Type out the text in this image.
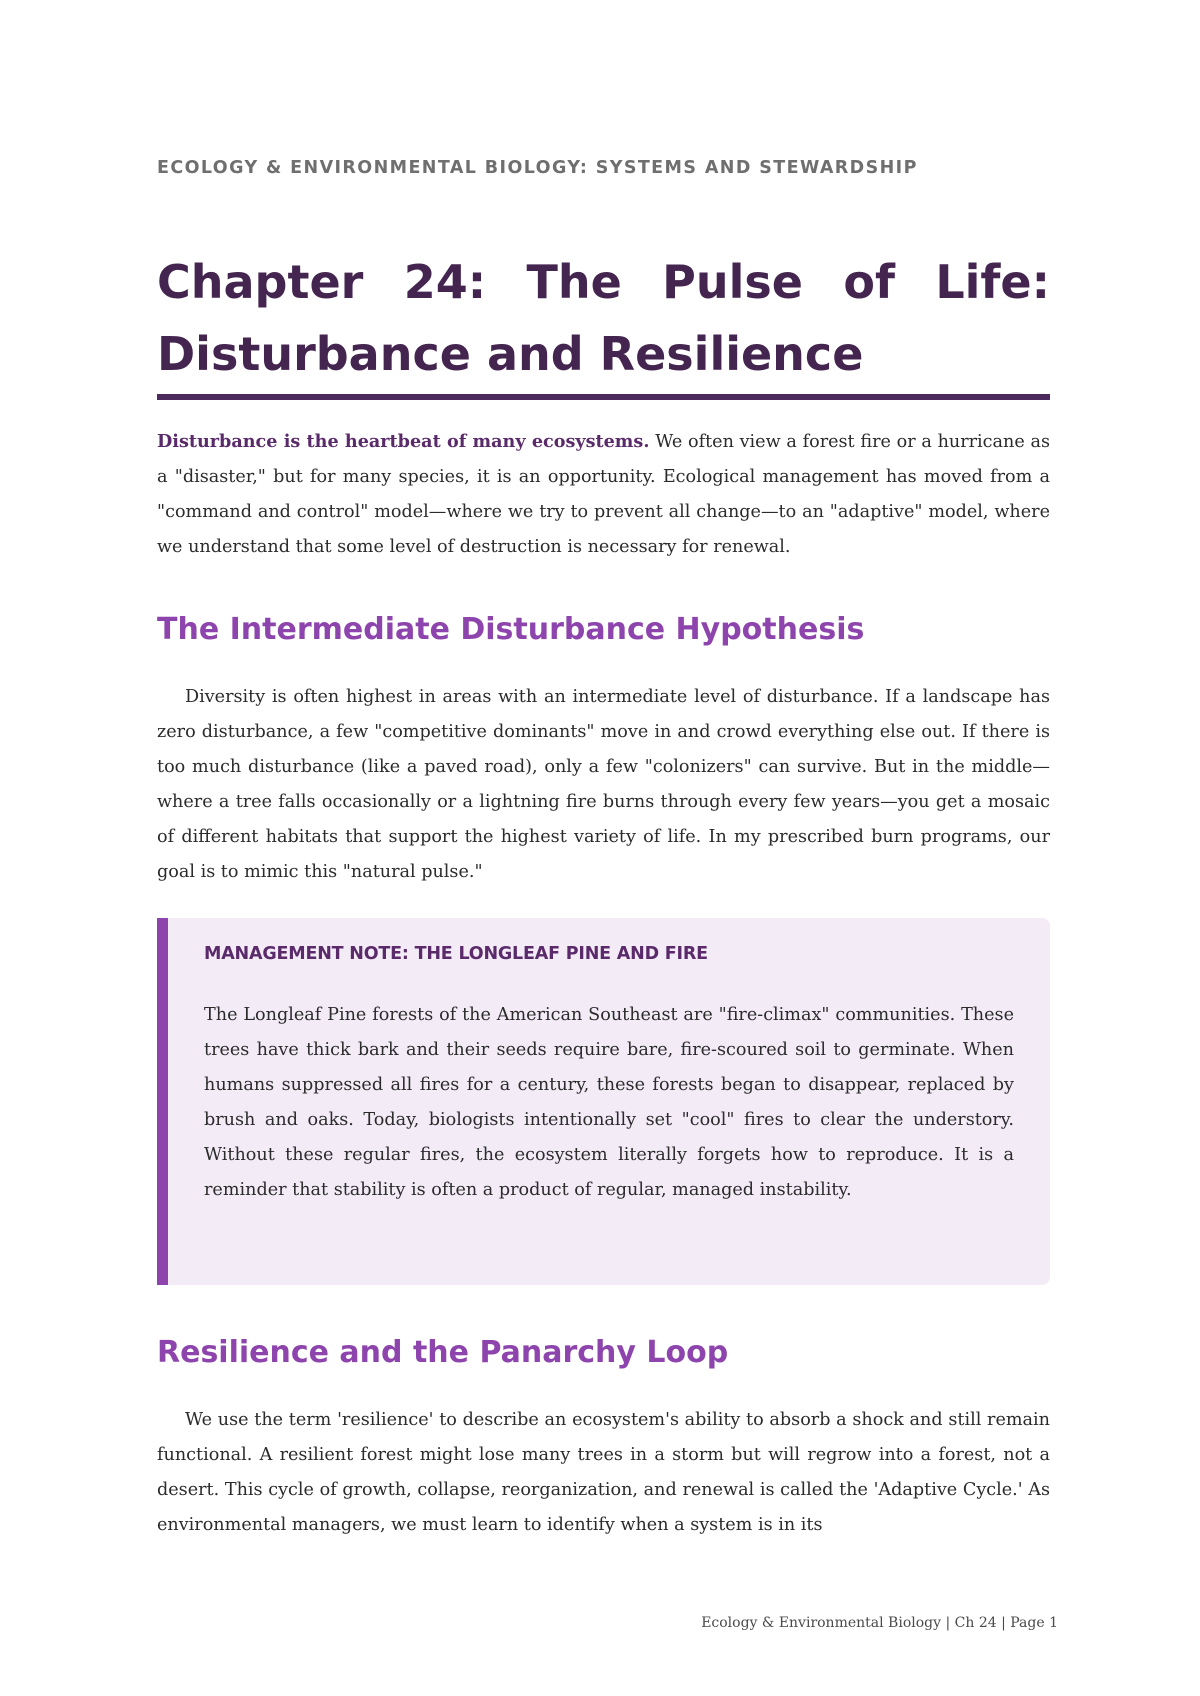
ECOLOGY & ENVIRONMENTAL BIOLOGY: SYSTEMS AND STEWARDSHIP
Chapter 24: The Pulse of Life: Disturbance and Resilience

Disturbance is the heartbeat of many ecosystems. We often view a forest fire or a hurricane as a "disaster," but for many species, it is an opportunity. Ecological management has moved from a "command and control" model—where we try to prevent all change—to an "adaptive" model, where we understand that some level of destruction is necessary for renewal.

The Intermediate Disturbance Hypothesis

Diversity is often highest in areas with an intermediate level of disturbance. If a landscape has zero disturbance, a few "competitive dominants" move in and crowd everything else out. If there is too much disturbance (like a paved road), only a few "colonizers" can survive. But in the middle—where a tree falls occasionally or a lightning fire burns through every few years—you get a mosaic of different habitats that support the highest variety of life. In my prescribed burn programs, our goal is to mimic this "natural pulse."

MANAGEMENT NOTE: THE LONGLEAF PINE AND FIRE

The Longleaf Pine forests of the American Southeast are "fire-climax" communities. These trees have thick bark and their seeds require bare, fire-scoured soil to germinate. When humans suppressed all fires for a century, these forests began to disappear, replaced by brush and oaks. Today, biologists intentionally set "cool" fires to clear the understory. Without these regular fires, the ecosystem literally forgets how to reproduce. It is a reminder that stability is often a product of regular, managed instability.

Resilience and the Panarchy Loop

We use the term 'resilience' to describe an ecosystem's ability to absorb a shock and still remain functional. A resilient forest might lose many trees in a storm but will regrow into a forest, not a desert. This cycle of growth, collapse, reorganization, and renewal is called the 'Adaptive Cycle.' As environmental managers, we must learn to identify when a system is in its

Ecology & Environmental Biology | Ch 24 | Page 1
